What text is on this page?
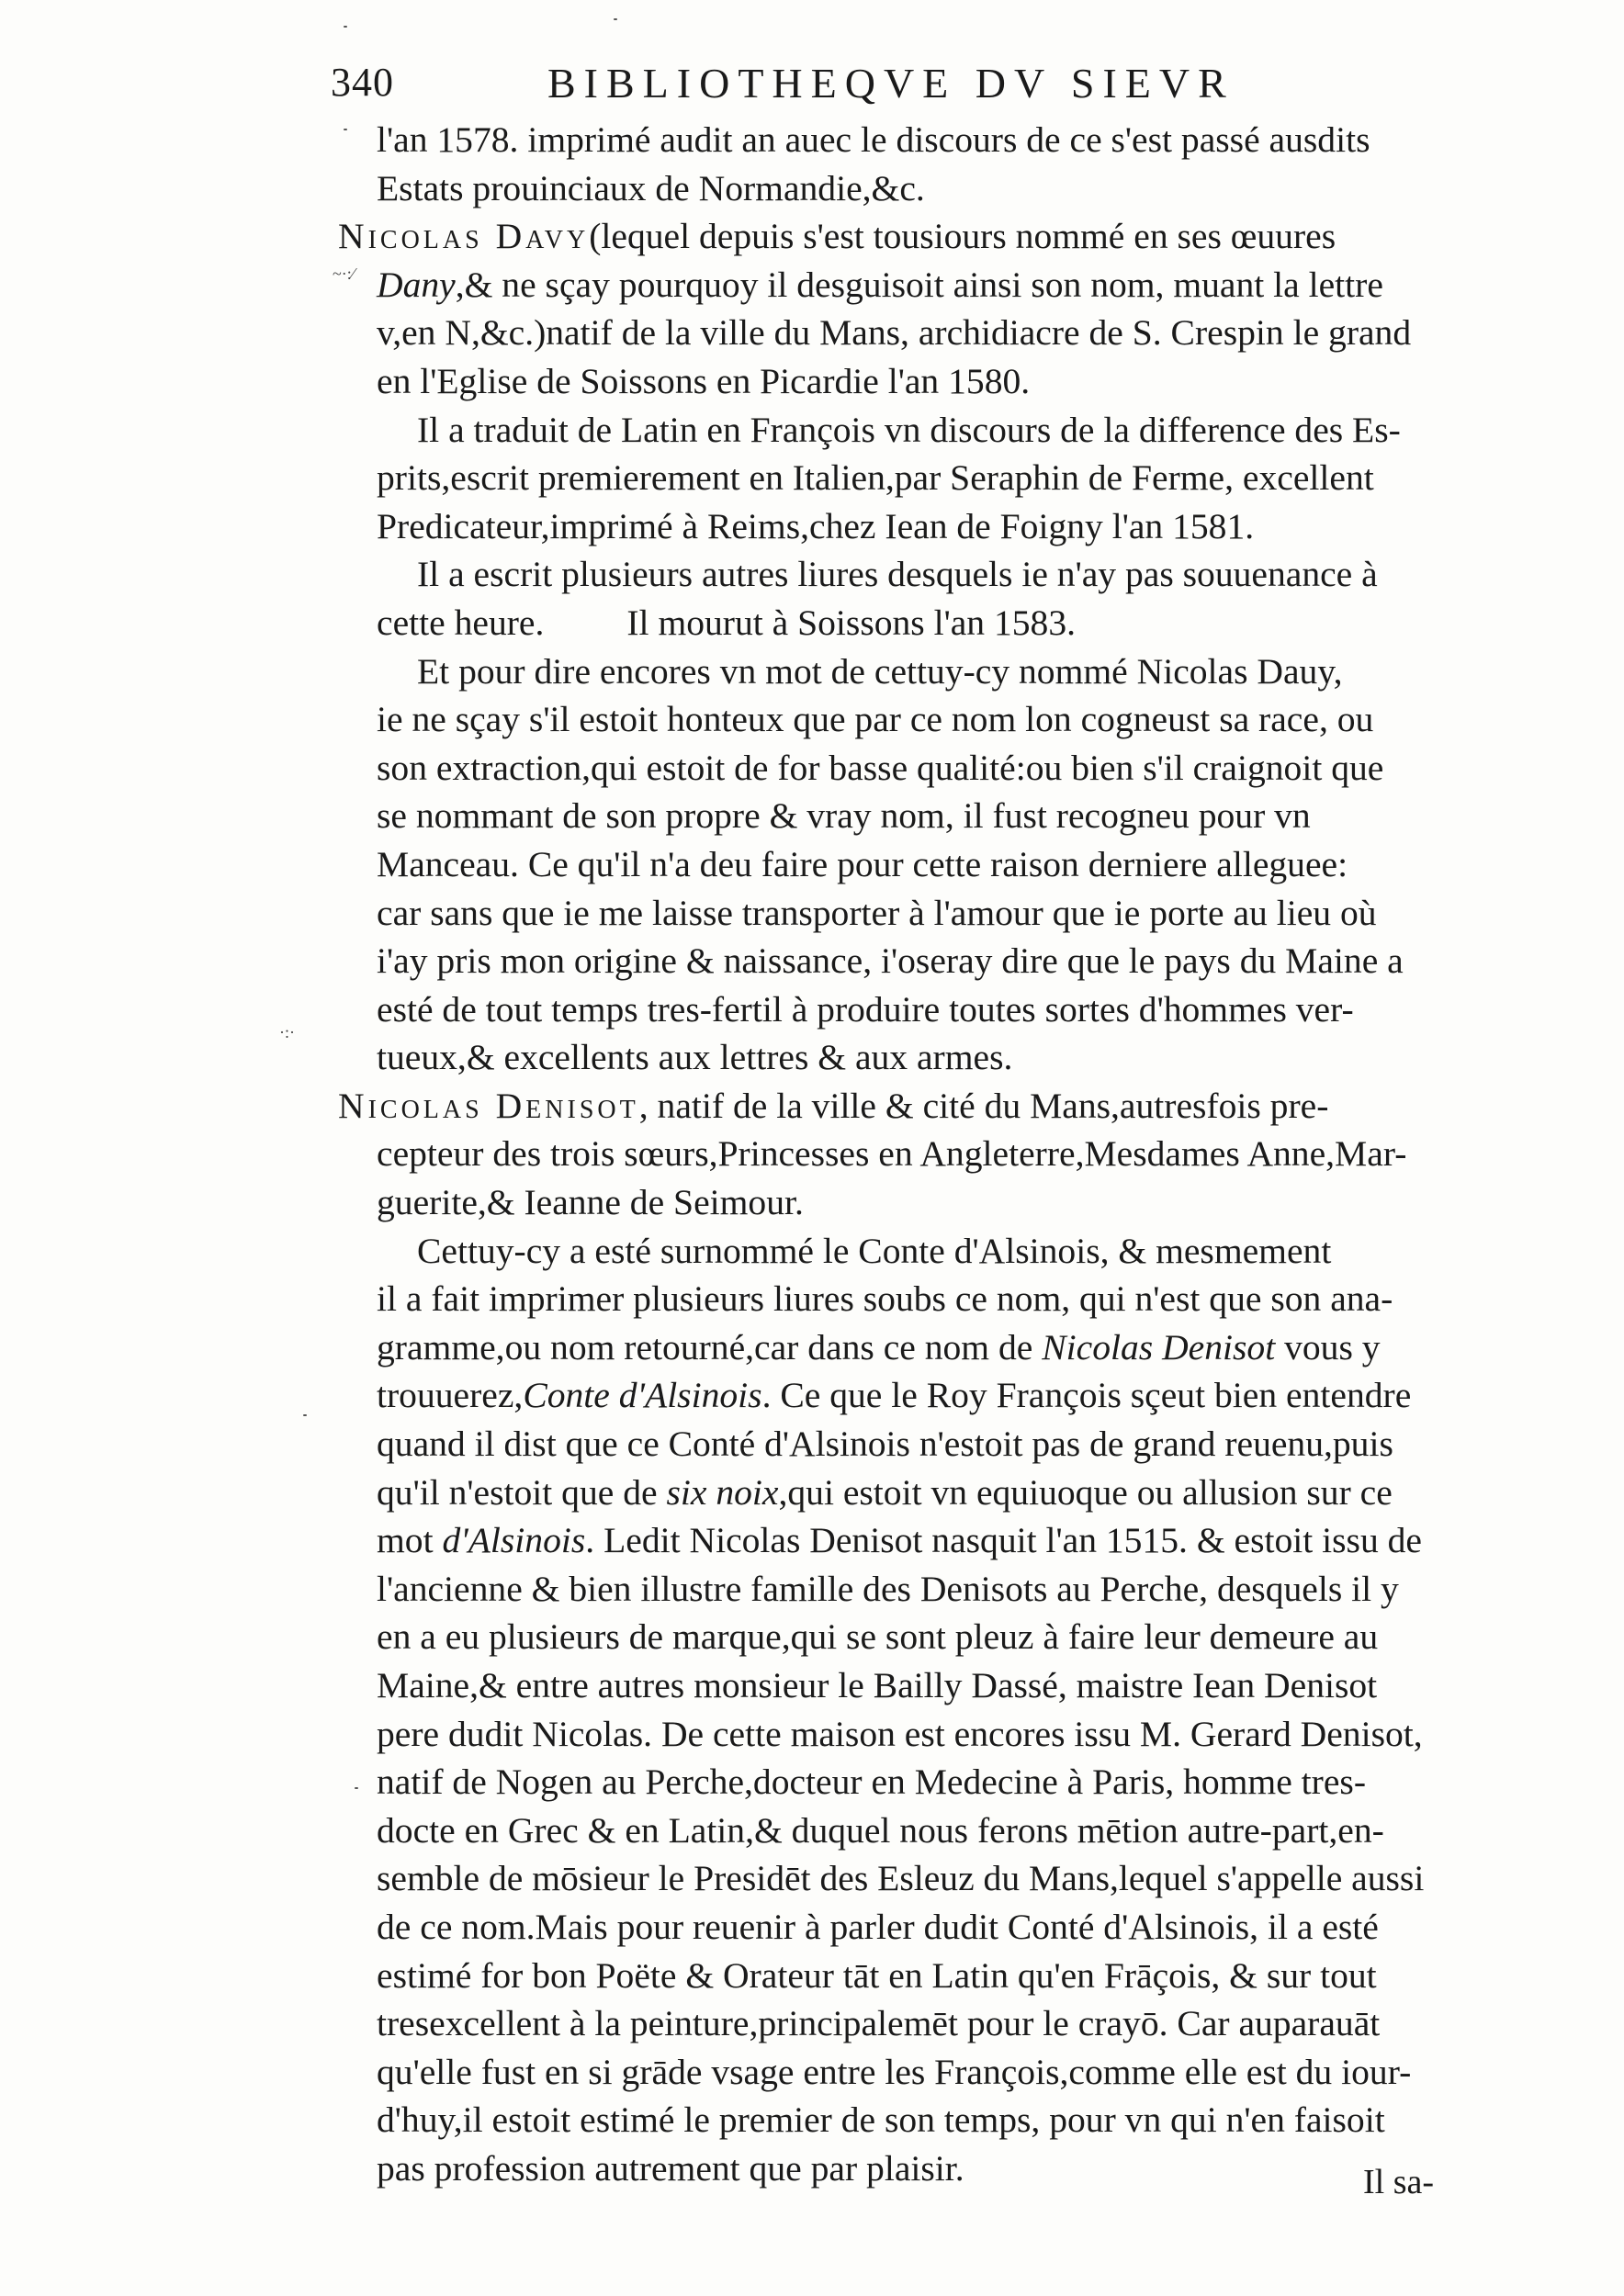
340	BIBLIOTHEQVE DV SIEVR
~·:⁄
·:·
l'an 1578. imprimé audit an auec le discours de ce s'est passé ausdits
Estats prouinciaux de Normandie,&c.
Nicolas Davy(lequel depuis s'est tousiours nommé en ses œuures
Dany,& ne sçay pourquoy il desguisoit ainsi son nom, muant la lettre
v,en N,&c.)natif de la ville du Mans, archidiacre de S. Crespin le grand
en l'Eglise de Soissons en Picardie l'an 1580.
Il a traduit de Latin en François vn discours de la difference des Es-
prits,escrit premierement en Italien,par Seraphin de Ferme, excellent
Predicateur,imprimé à Reims,chez Iean de Foigny l'an 1581.
Il a escrit plusieurs autres liures desquels ie n'ay pas souuenance à
cette heure. Il mourut à Soissons l'an 1583.
Et pour dire encores vn mot de cettuy-cy nommé Nicolas Dauy,
ie ne sçay s'il estoit honteux que par ce nom lon cogneust sa race, ou
son extraction,qui estoit de for basse qualité:ou bien s'il craignoit que
se nommant de son propre & vray nom, il fust recogneu pour vn
Manceau. Ce qu'il n'a deu faire pour cette raison derniere alleguee:
car sans que ie me laisse transporter à l'amour que ie porte au lieu où
i'ay pris mon origine & naissance, i'oseray dire que le pays du Maine a
esté de tout temps tres-fertil à produire toutes sortes d'hommes ver-
tueux,& excellents aux lettres & aux armes.
Nicolas Denisot, natif de la ville & cité du Mans,autresfois pre-
cepteur des trois sœurs,Princesses en Angleterre,Mesdames Anne,Mar-
guerite,& Ieanne de Seimour.
Cettuy-cy a esté surnommé le Conte d'Alsinois, & mesmement
il a fait imprimer plusieurs liures soubs ce nom, qui n'est que son ana-
gramme,ou nom retourné,car dans ce nom de Nicolas Denisot vous y
trouuerez,Conte d'Alsinois. Ce que le Roy François sçeut bien entendre
quand il dist que ce Conté d'Alsinois n'estoit pas de grand reuenu,puis
qu'il n'estoit que de six noix,qui estoit vn equiuoque ou allusion sur ce
mot d'Alsinois. Ledit Nicolas Denisot nasquit l'an 1515. & estoit issu de
l'ancienne & bien illustre famille des Denisots au Perche, desquels il y
en a eu plusieurs de marque,qui se sont pleuz à faire leur demeure au
Maine,& entre autres monsieur le Bailly Dassé, maistre Iean Denisot
pere dudit Nicolas. De cette maison est encores issu M. Gerard Denisot,
natif de Nogen au Perche,docteur en Medecine à Paris, homme tres-
docte en Grec & en Latin,& duquel nous ferons mētion autre-part,en-
semble de mōsieur le Presidēt des Esleuz du Mans,lequel s'appelle aussi
de ce nom.Mais pour reuenir à parler dudit Conté d'Alsinois, il a esté
estimé for bon Poëte & Orateur tāt en Latin qu'en Frāçois, & sur tout
tresexcellent à la peinture,principalemēt pour le crayō. Car auparauāt
qu'elle fust en si grāde vsage entre les François,comme elle est du iour-
d'huy,il estoit estimé le premier de son temps, pour vn qui n'en faisoit
pas profession autrement que par plaisir.	Il sa-
